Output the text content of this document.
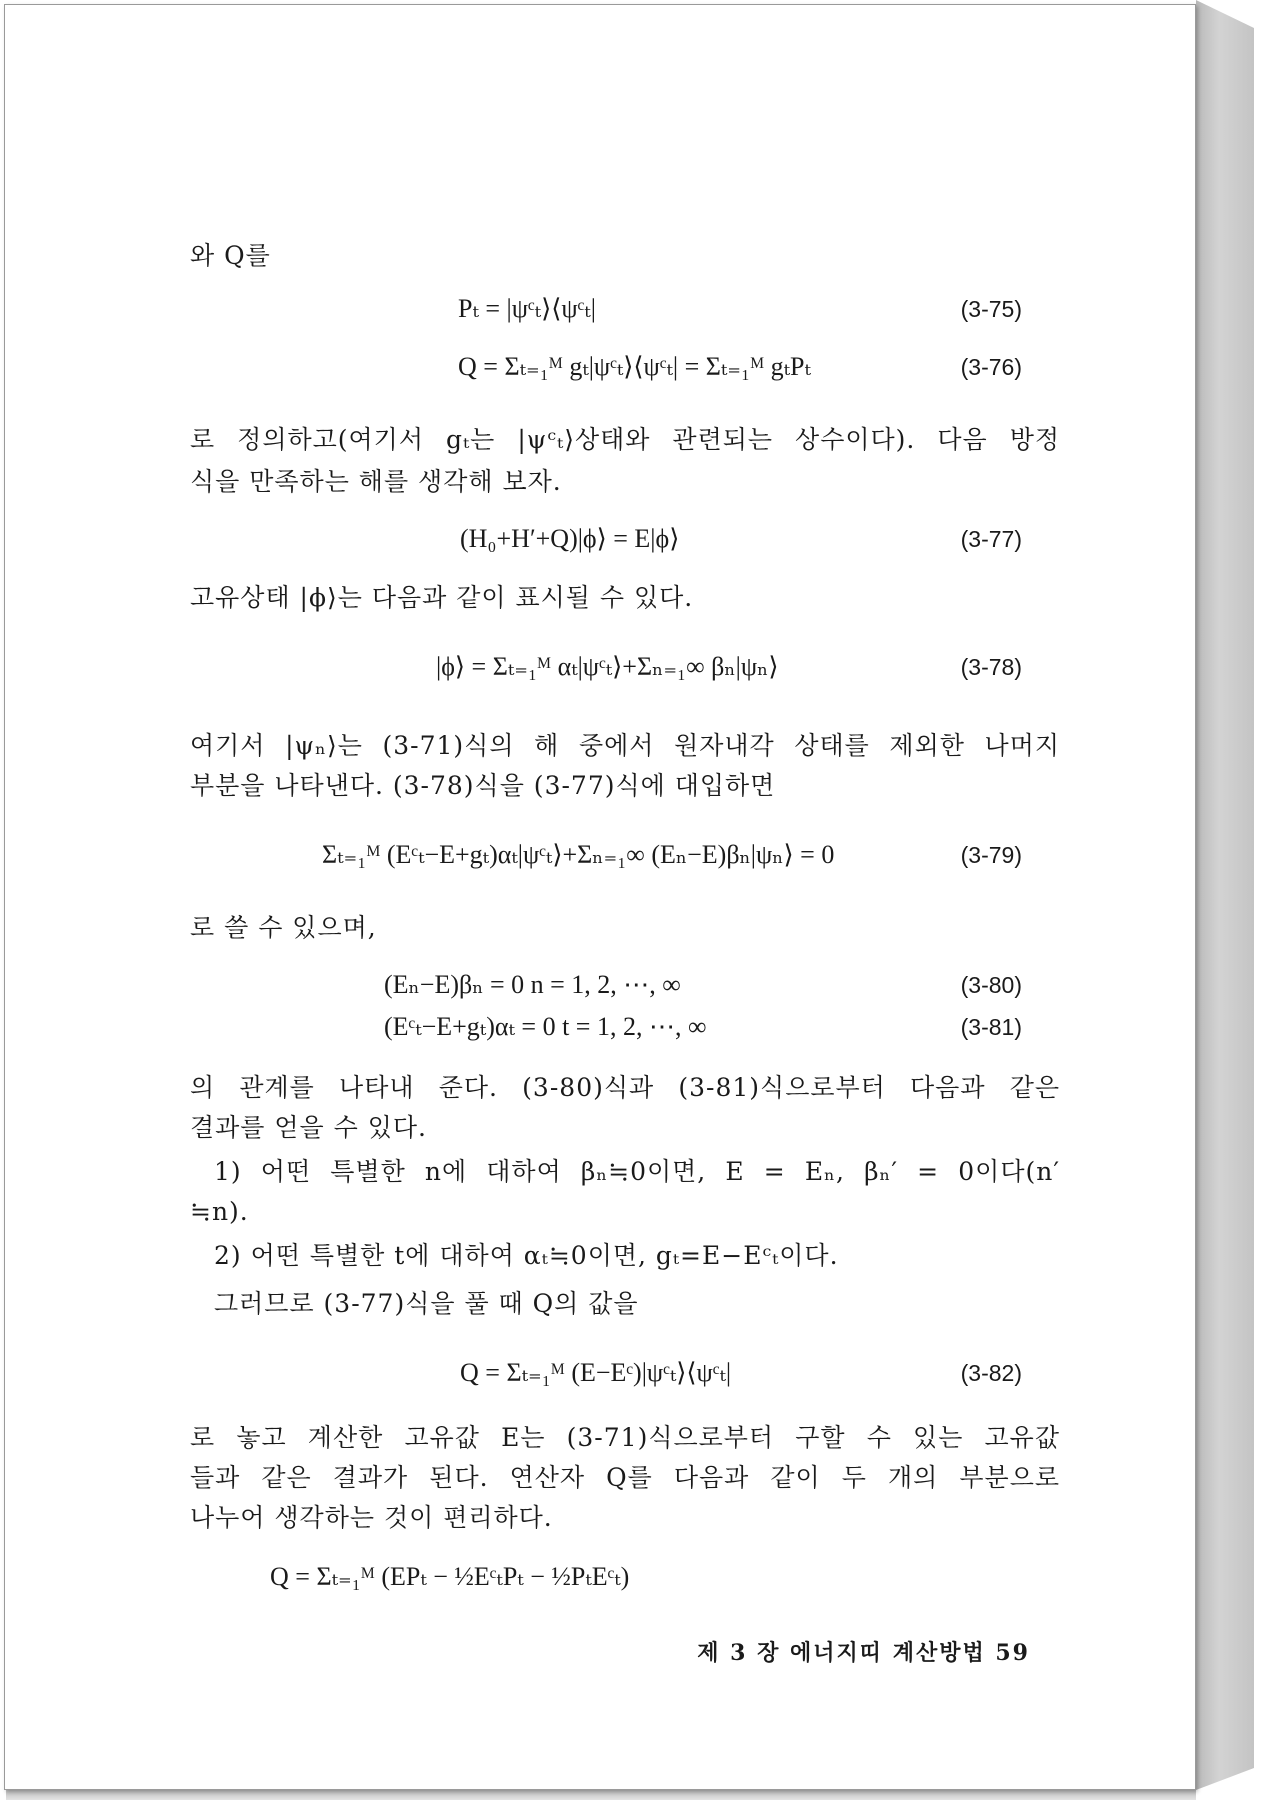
와 Q를
Pₜ = |ψᶜₜ⟩⟨ψᶜₜ|	(3-75)
Q = Σₜ₌₁ᴹ gₜ|ψᶜₜ⟩⟨ψᶜₜ| = Σₜ₌₁ᴹ gₜPₜ	(3-76)
로 정의하고(여기서 gₜ는 |ψᶜₜ⟩상태와 관련되는 상수이다). 다음 방정
식을 만족하는 해를 생각해 보자.
(H₀+H′+Q)|ϕ⟩ = E|ϕ⟩	(3-77)
고유상태 |ϕ⟩는 다음과 같이 표시될 수 있다.
|ϕ⟩ = Σₜ₌₁ᴹ αₜ|ψᶜₜ⟩+Σₙ₌₁∞ βₙ|ψₙ⟩	(3-78)
여기서 |ψₙ⟩는 (3-71)식의 해 중에서 원자내각 상태를 제외한 나머지
부분을 나타낸다. (3-78)식을 (3-77)식에 대입하면
Σₜ₌₁ᴹ (Eᶜₜ−E+gₜ)αₜ|ψᶜₜ⟩+Σₙ₌₁∞ (Eₙ−E)βₙ|ψₙ⟩ = 0	(3-79)
로 쓸 수 있으며,
(Eₙ−E)βₙ = 0 n = 1, 2, ⋯, ∞	(3-80)
(Eᶜₜ−E+gₜ)αₜ = 0 t = 1, 2, ⋯, ∞	(3-81)
의 관계를 나타내 준다. (3-80)식과 (3-81)식으로부터 다음과 같은
결과를 얻을 수 있다.
1) 어떤 특별한 n에 대하여 βₙ≒0이면, E = Eₙ, βₙ′ = 0이다(n′
≒n).
2) 어떤 특별한 t에 대하여 αₜ≒0이면, gₜ=E−Eᶜₜ이다.
그러므로 (3-77)식을 풀 때 Q의 값을
Q = Σₜ₌₁ᴹ (E−Eᶜ)|ψᶜₜ⟩⟨ψᶜₜ|	(3-82)
로 놓고 계산한 고유값 E는 (3-71)식으로부터 구할 수 있는 고유값
들과 같은 결과가 된다. 연산자 Q를 다음과 같이 두 개의 부분으로
나누어 생각하는 것이 편리하다.
Q = Σₜ₌₁ᴹ (EPₜ − ½EᶜₜPₜ − ½PₜEᶜₜ)
제 3 장 에너지띠 계산방법 59
